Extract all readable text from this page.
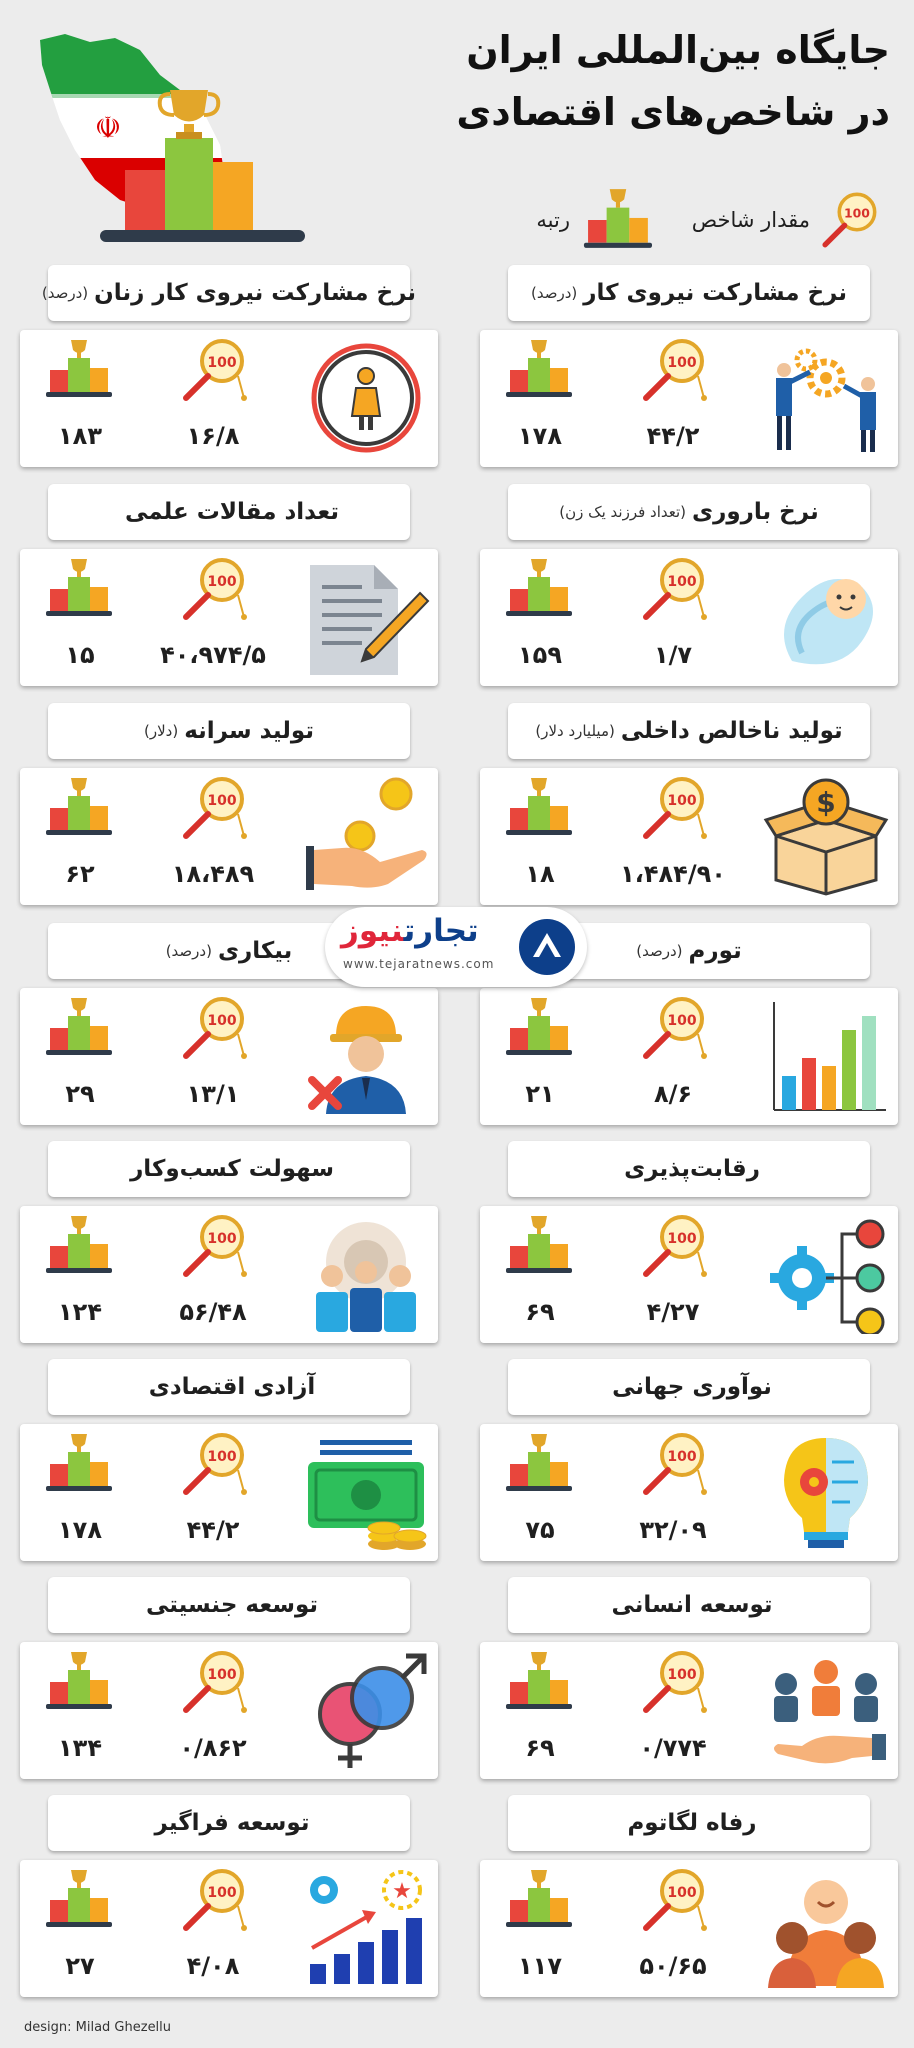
جایگاه بین‌المللی ایران
در شاخص‌های اقتصادی
☫
100
مقدار شاخص
رتبه
نرخ مشارکت نیروی کار
(درصد)
100
۴۴/۲
۱۷۸
نرخ مشارکت نیروی کار زنان
(درصد)
100
۱۶/۸
۱۸۳
نرخ باروری
(تعداد فرزند یک زن)
100
۱/۷
۱۵۹
تعداد مقالات علمی
100
۴۰،۹۷۴/۵
۱۵
تولید ناخالص داخلی
(میلیارد دلار)
100
۱،۴۸۴/۹۰
۱۸
$
تولید سرانه
(دلار)
100
۱۸،۴۸۹
۶۲
تورم
(درصد)
100
۸/۶
۲۱
بیکاری
(درصد)
100
۱۳/۱
۲۹
رقابت‌پذیری
100
۴/۲۷
۶۹
سهولت کسب‌وکار
100
۵۶/۴۸
۱۲۴
نوآوری جهانی
100
۳۲/۰۹
۷۵
آزادی اقتصادی
100
۴۴/۲
۱۷۸
توسعه انسانی
100
۰/۷۷۴
۶۹
توسعه جنسیتی
100
۰/۸۶۲
۱۳۴
رفاه لگاتوم
100
۵۰/۶۵
۱۱۷
توسعه فراگیر
100
۴/۰۸
۲۷
★
تجارتنیوز
www.tejaratnews.com
design: Milad Ghezellu
